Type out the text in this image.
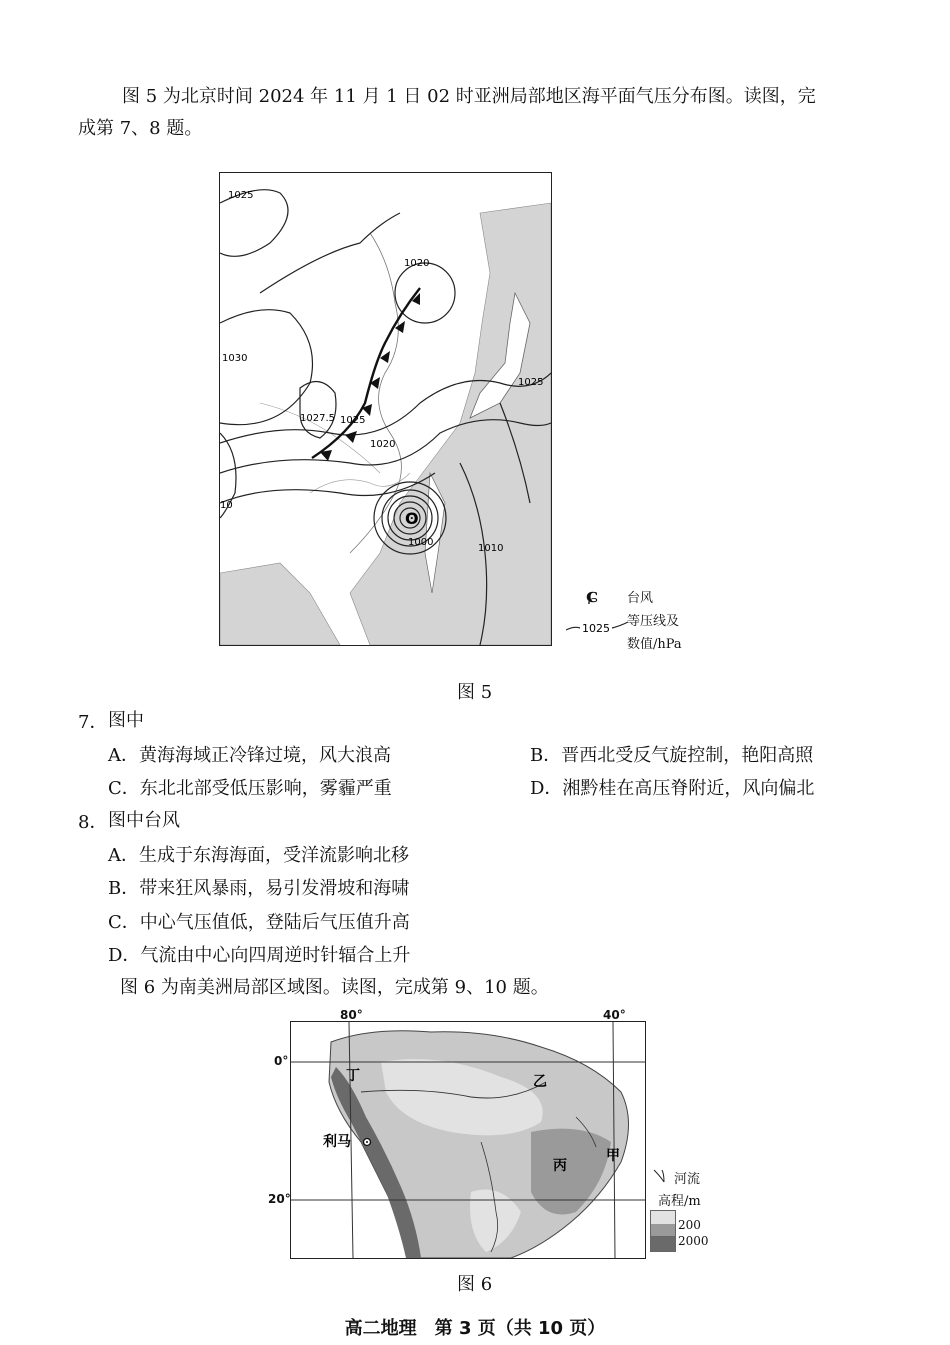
图 5 为北京时间 2024 年 11 月 1 日 02 时亚洲局部地区海平面气压分布图。读图，完
成第 7、8 题。
ʘ
1025
1020
1030
1025
1027.5 1025
1020
10
1000
1010
ɕ 台风
等压线及
数值/hPa
1025
图 5
7． 图中
A．黄海海域正冷锋过境，风大浪高	B．晋西北受反气旋控制，艳阳高照
C．东北北部受低压影响，雾霾严重	D．湘黔桂在高压脊附近，风向偏北
8． 图中台风
A．生成于东海海面，受洋流影响北移
B．带来狂风暴雨，易引发滑坡和海啸
C．中心气压值低，登陆后气压值升高
D．气流由中心向四周逆时针辐合上升
图 6 为南美洲局部区域图。读图，完成第 9、10 题。
利马
丁	乙
丙
甲
80°	40°
0°
20°
河流
高程/m
200
2000
图 6
高二地理　第 3 页（共 10 页）
